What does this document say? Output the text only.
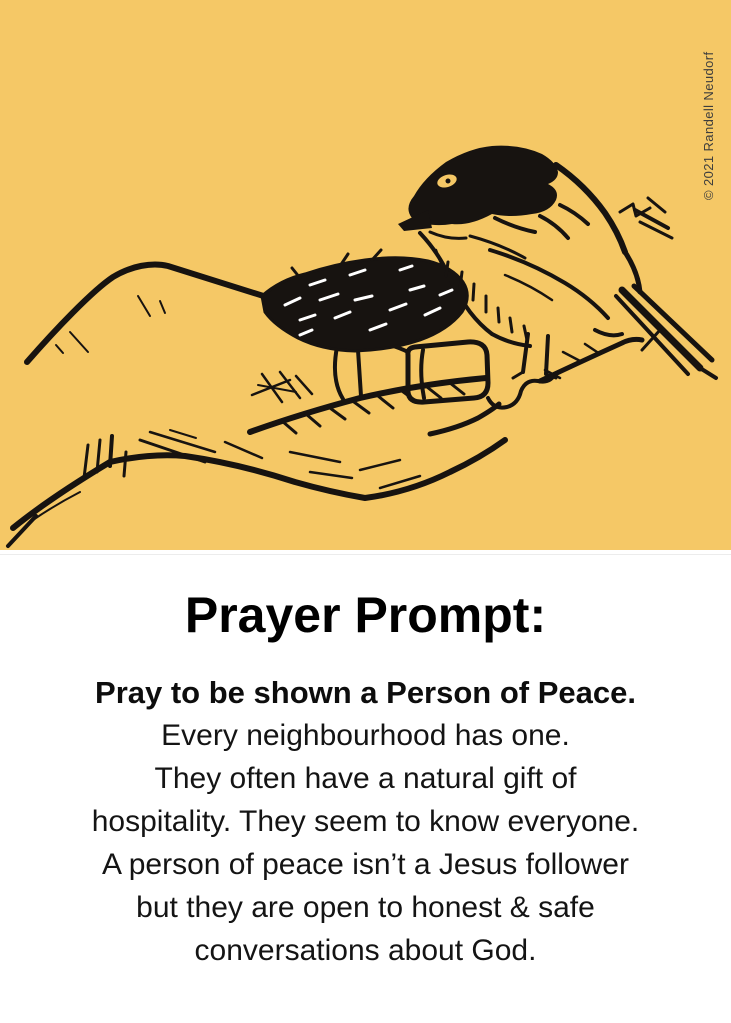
© 2021 Randell Neudorf
Prayer Prompt:

Pray to be shown a Person of Peace.

Every neighbourhood has one.

They often have a natural gift of

hospitality. They seem to know everyone.

A person of peace isn’t a Jesus follower

but they are open to honest & safe

conversations about God.
